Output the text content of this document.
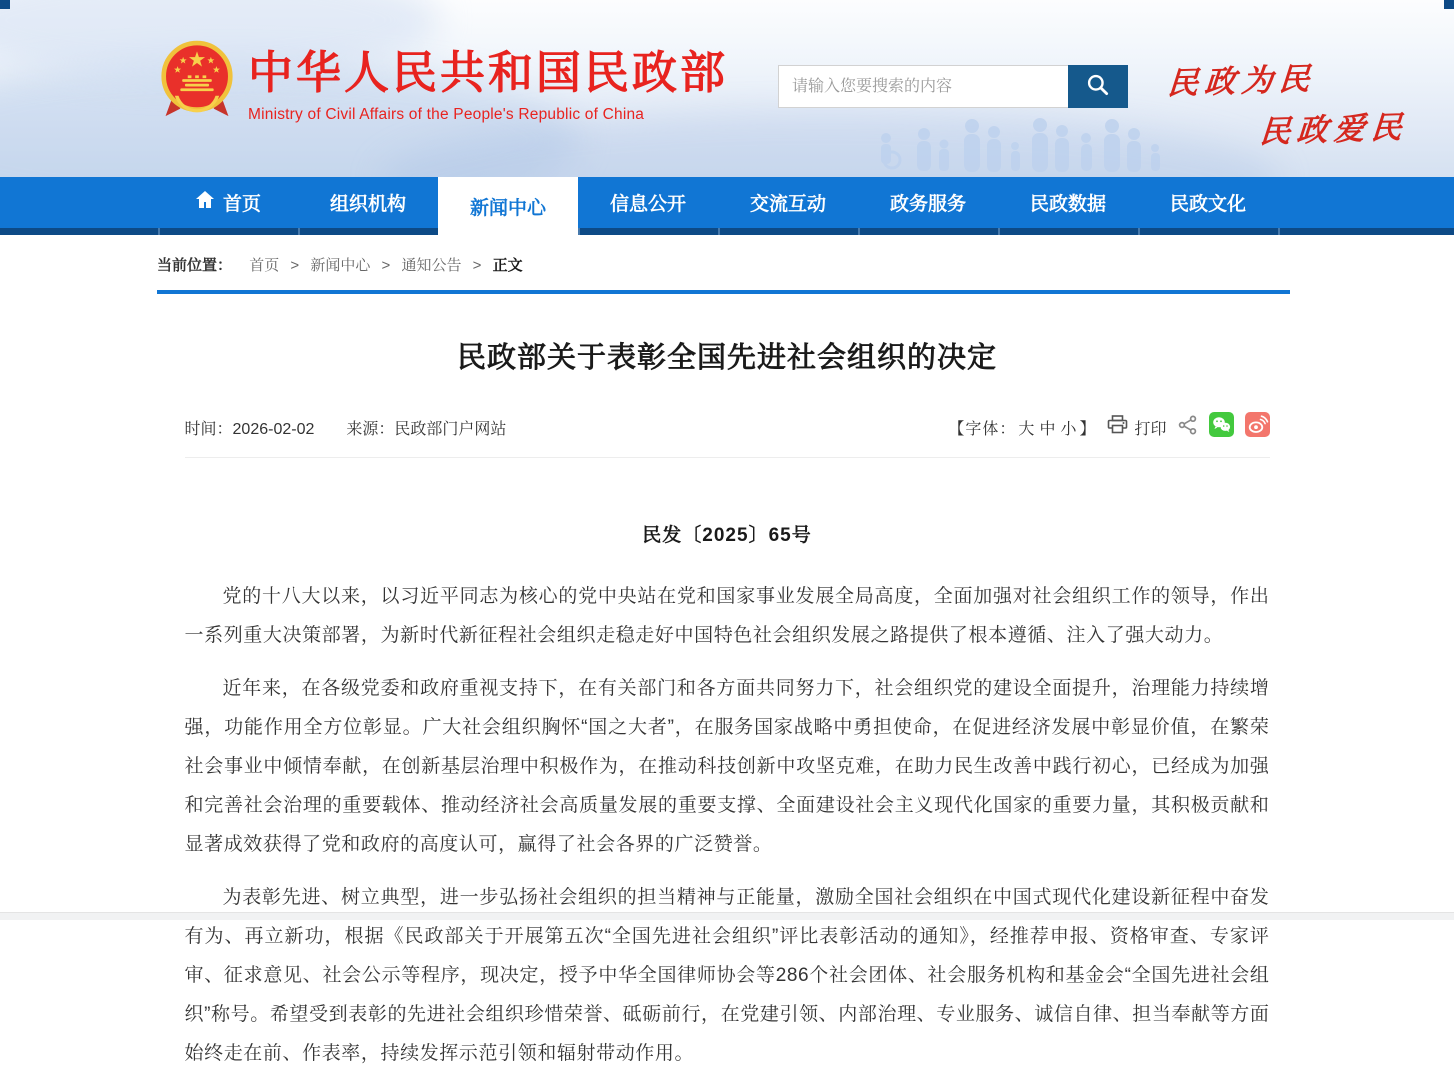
中华人民共和国民政部
Ministry of Civil Affairs of the People's Republic of China
请输入您要搜索的内容
民政为民
民政爱民
首页	组织机构	新闻中心	信息公开	交流互动	政务服务	民政数据	民政文化
当前位置： 首页 > 新闻中心 > 通知公告 > 正文
民政部关于表彰全国先进社会组织的决定
时间：2026-02-02 来源：民政部门户网站	【字体： 大 中 小 】 打印
民发〔2025〕65号

党的十八大以来，以习近平同志为核心的党中央站在党和国家事业发展全局高度，全面加强对社会组织工作的领导，作出一系列重大决策部署，为新时代新征程社会组织走稳走好中国特色社会组织发展之路提供了根本遵循、注入了强大动力。

近年来，在各级党委和政府重视支持下，在有关部门和各方面共同努力下，社会组织党的建设全面提升，治理能力持续增强，功能作用全方位彰显。广大社会组织胸怀“国之大者”，在服务国家战略中勇担使命，在促进经济发展中彰显价值，在繁荣社会事业中倾情奉献，在创新基层治理中积极作为，在推动科技创新中攻坚克难，在助力民生改善中践行初心，已经成为加强和完善社会治理的重要载体、推动经济社会高质量发展的重要支撑、全面建设社会主义现代化国家的重要力量，其积极贡献和显著成效获得了党和政府的高度认可，赢得了社会各界的广泛赞誉。

为表彰先进、树立典型，进一步弘扬社会组织的担当精神与正能量，激励全国社会组织在中国式现代化建设新征程中奋发有为、再立新功，根据《民政部关于开展第五次“全国先进社会组织”评比表彰活动的通知》，经推荐申报、资格审查、专家评审、征求意见、社会公示等程序，现决定，授予中华全国律师协会等286个社会团体、社会服务机构和基金会“全国先进社会组织”称号。希望受到表彰的先进社会组织珍惜荣誉、砥砺前行，在党建引领、内部治理、专业服务、诚信自律、担当奉献等方面始终走在前、作表率，持续发挥示范引领和辐射带动作用。
